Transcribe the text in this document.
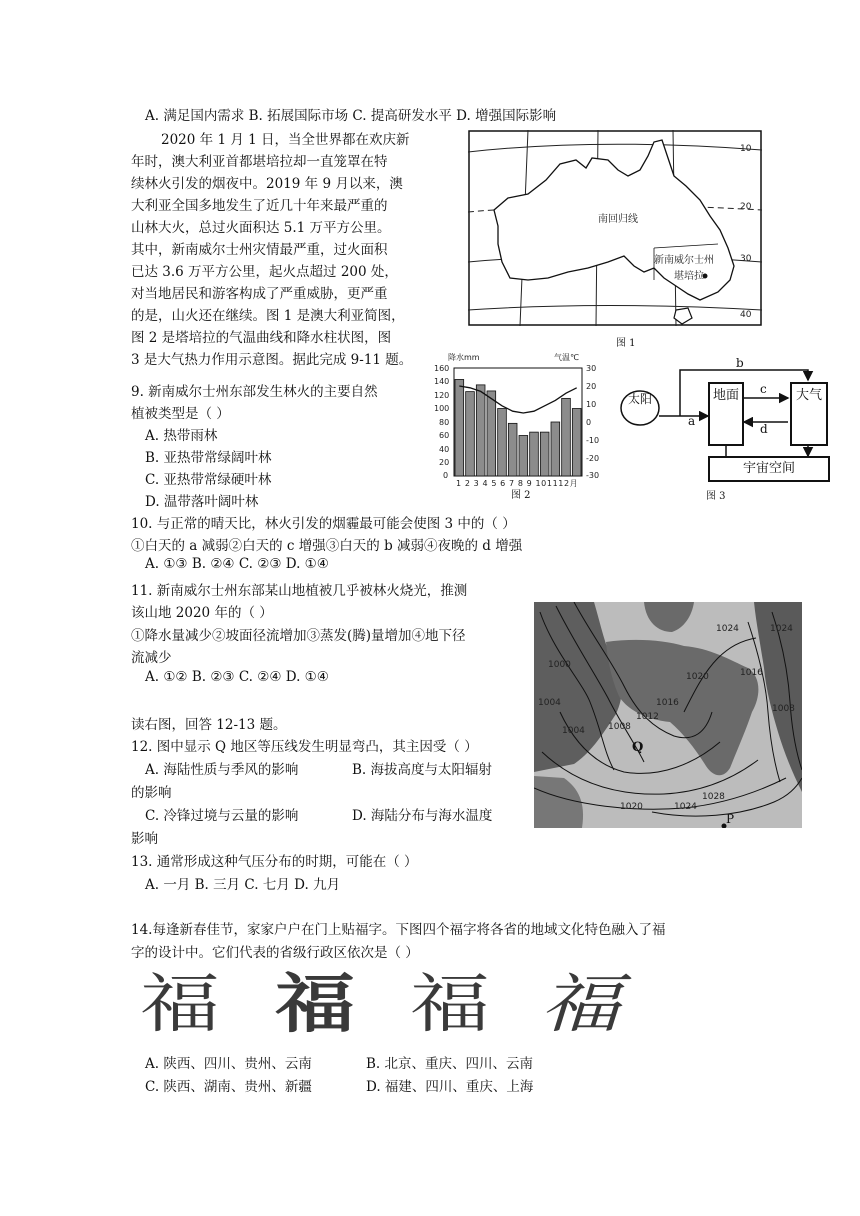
A. 满足国内需求 B. 拓展国际市场 C. 提高研发水平 D. 增强国际影响
2020 年 1 月 1 日，当全世界都在欢庆新
年时，澳大利亚首都堪培拉却一直笼罩在特
续林火引发的烟夜中。2019 年 9 月以来，澳
大利亚全国多地发生了近几十年来最严重的
山林大火，总过火面积达 5.1 万平方公里。
其中，新南威尔士州灾情最严重，过火面积
已达 3.6 万平方公里，起火点超过 200 处，
对当地居民和游客构成了严重威胁，更严重
的是，山火还在继续。图 1 是澳大利亚简图，
图 2 是塔培拉的气温曲线和降水柱状图，图
3 是大气热力作用示意图。据此完成 9-11 题。
南回归线
新南威尔士州
堪培拉
10
20
30
40
图 1
降水mm	气温℃
160
140
120
100
80
60
40
20
0
30
20
10
0
-10
-20
-30
1 2 3 4 5 6 7 8 9 101112月
图 2
太阳	地面	大气
宇宙空间
a
b
c
d
图 3
9. 新南威尔士州东部发生林火的主要自然
植被类型是（ ）
A. 热带雨林
B. 亚热带常绿阔叶林
C. 亚热带常绿硬叶林
D. 温带落叶阔叶林
10. 与正常的晴天比，林火引发的烟霾最可能会使图 3 中的（ ）
①白天的 a 减弱②白天的 c 增强③白天的 b 减弱④夜晚的 d 增强
A. ①③ B. ②④ C. ②③ D. ①④
11. 新南威尔士州东部某山地植被几乎被林火烧光，推测
该山地 2020 年的（ ）
①降水量减少②坡面径流增加③蒸发(腾)量增加④地下径
流减少
A. ①② B. ②③ C. ②④ D. ①④
1000
1004	1008
1012
1016
1020
1024
1016
1008
1024
1020	1024
1028
1004
Q
P
读右图，回答 12-13 题。
12. 图中显示 Q 地区等压线发生明显弯凸，其主因受（ ）
A. 海陆性质与季风的影响	B. 海拔高度与太阳辐射
的影响
C. 冷锋过境与云量的影响	D. 海陆分布与海水温度
影响
13. 通常形成这种气压分布的时期，可能在（ ）
A. 一月 B. 三月 C. 七月 D. 九月
14.每逢新春佳节，家家户户在门上贴福字。下图四个福字将各省的地域文化特色融入了福
字的设计中。它们代表的省级行政区依次是（ ）
福 福 福 福
A. 陕西、四川、贵州、云南	B. 北京、重庆、四川、云南
C. 陕西、湖南、贵州、新疆	D. 福建、四川、重庆、上海
